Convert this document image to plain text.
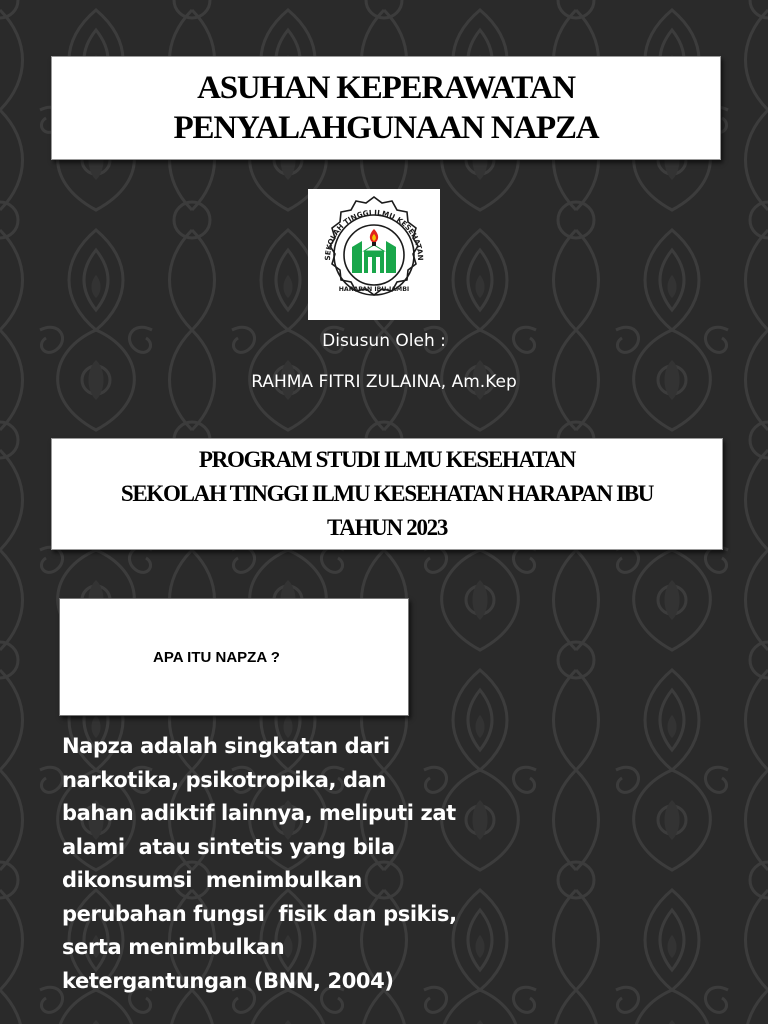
ASUHAN KEPERAWATAN
PENYALAHGUNAAN NAPZA
SEKOLAH TINGGI ILMU KESEHATAN
HARAPAN IBU-JAMBI
Disusun Oleh :
RAHMA FITRI ZULAINA, Am.Kep
PROGRAM STUDI ILMU KESEHATAN
SEKOLAH TINGGI ILMU KESEHATAN HARAPAN IBU
TAHUN 2023
APA ITU NAPZA ?
Napza adalah singkatan dari
narkotika, psikotropika, dan
bahan adiktif lainnya, meliputi zat
alami  atau sintetis yang bila
dikonsumsi  menimbulkan
perubahan fungsi  fisik dan psikis,
serta menimbulkan
ketergantungan (BNN, 2004)
